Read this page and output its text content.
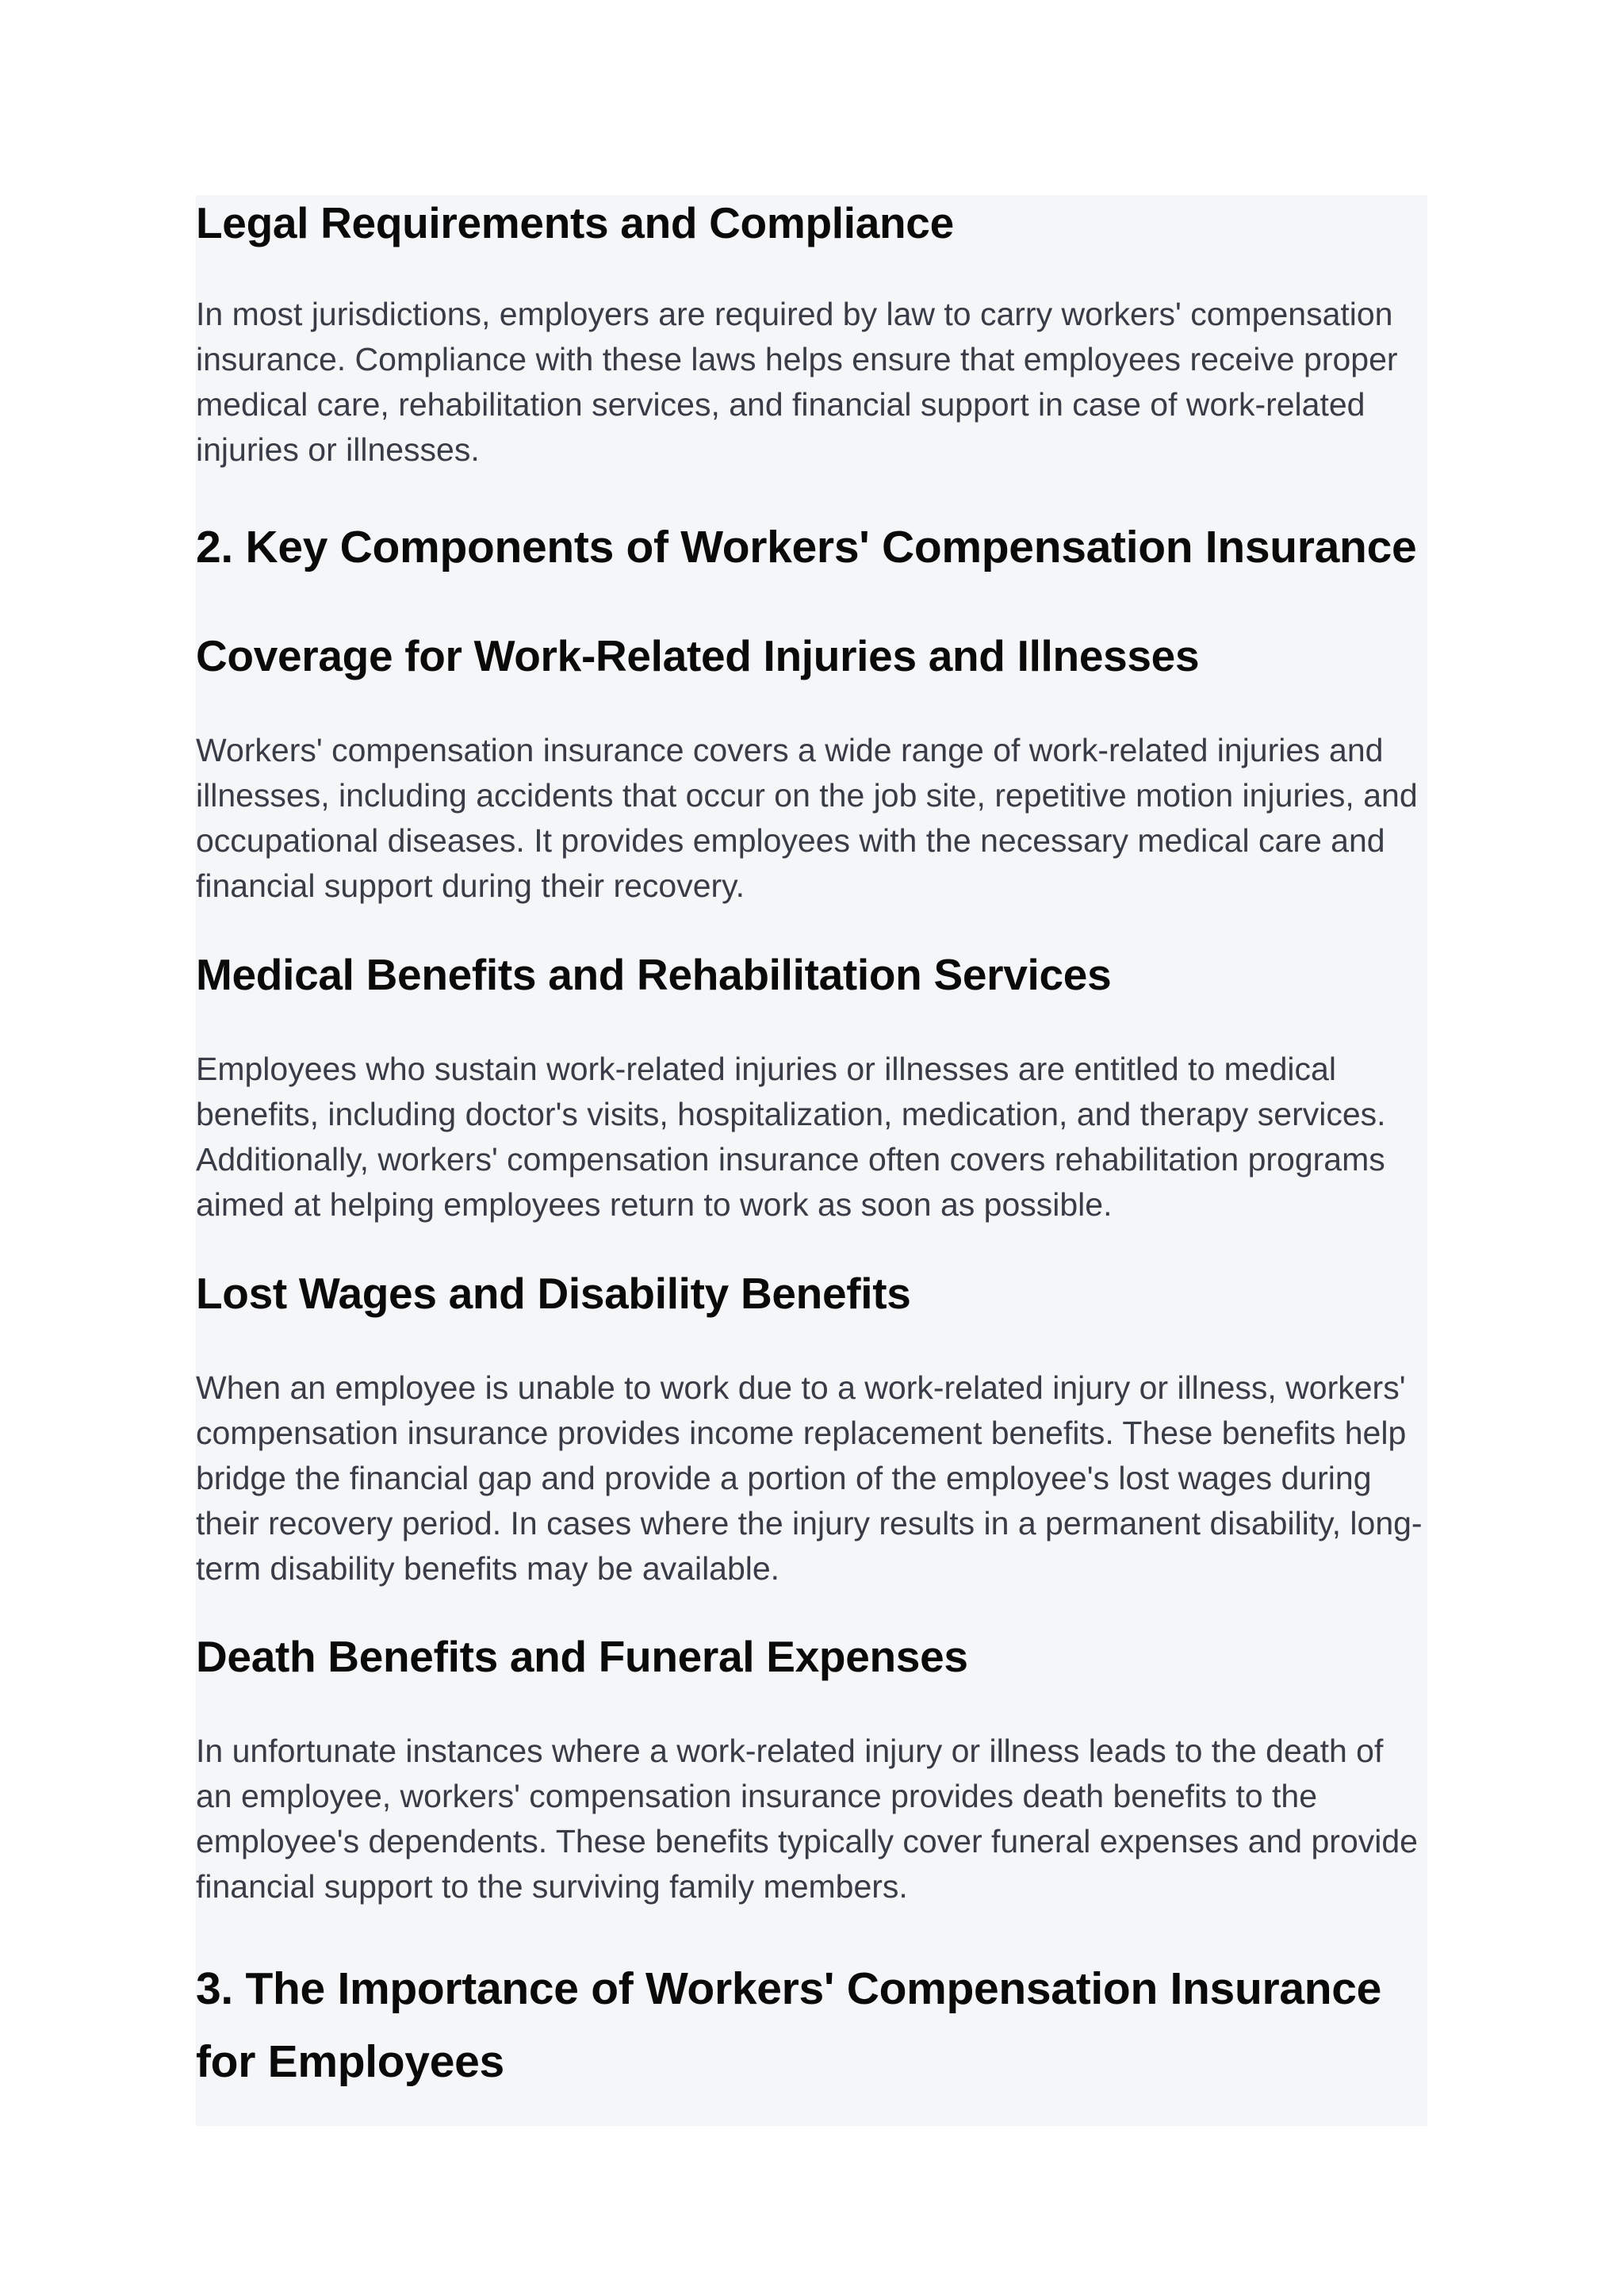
Legal Requirements and Compliance

In most jurisdictions, employers are required by law to carry workers' compensation insurance. Compliance with these laws helps ensure that employees receive proper medical care, rehabilitation services, and financial support in case of work-related injuries or illnesses.

2. Key Components of Workers' Compensation Insurance
Coverage for Work-Related Injuries and Illnesses

Workers' compensation insurance covers a wide range of work-related injuries and illnesses, including accidents that occur on the job site, repetitive motion injuries, and occupational diseases. It provides employees with the necessary medical care and financial support during their recovery.

Medical Benefits and Rehabilitation Services

Employees who sustain work-related injuries or illnesses are entitled to medical benefits, including doctor's visits, hospitalization, medication, and therapy services. Additionally, workers' compensation insurance often covers rehabilitation programs aimed at helping employees return to work as soon as possible.

Lost Wages and Disability Benefits

When an employee is unable to work due to a work-related injury or illness, workers' compensation insurance provides income replacement benefits. These benefits help bridge the financial gap and provide a portion of the employee's lost wages during their recovery period. In cases where the injury results in a permanent disability, long-term disability benefits may be available.

Death Benefits and Funeral Expenses

In unfortunate instances where a work-related injury or illness leads to the death of an employee, workers' compensation insurance provides death benefits to the employee's dependents. These benefits typically cover funeral expenses and provide financial support to the surviving family members.

3. The Importance of Workers' Compensation Insurance for Employees
